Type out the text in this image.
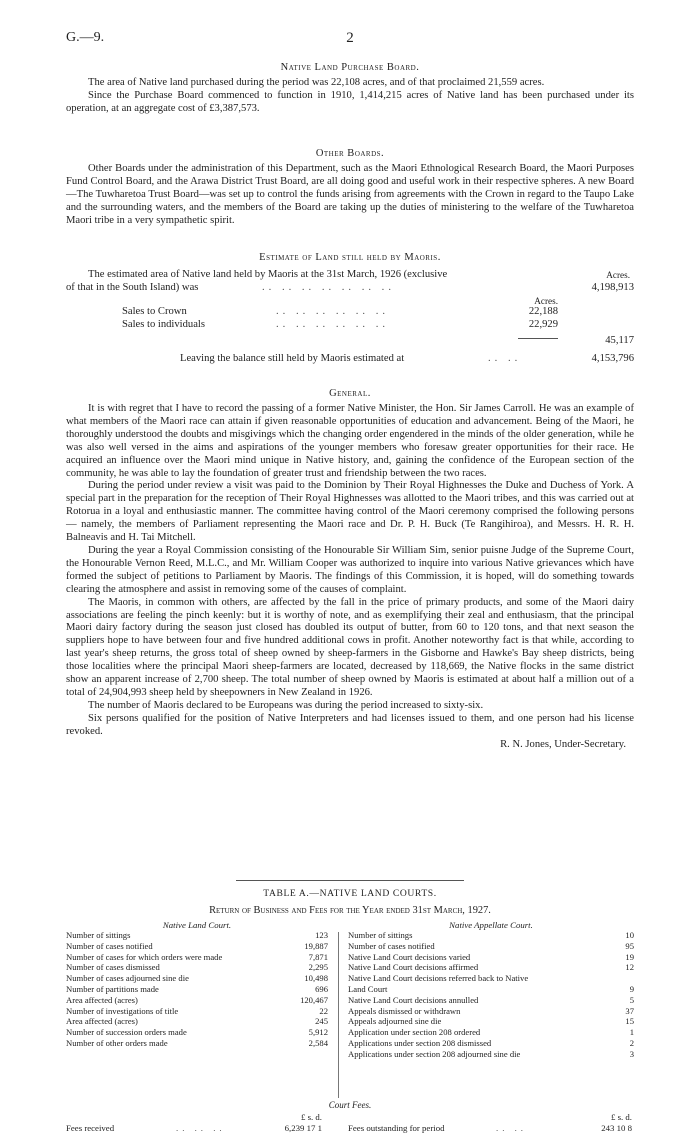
G.—9.	2

Native Land Purchase Board.

The area of Native land purchased during the period was 22,108 acres, and of that proclaimed 21,559 acres.

Since the Purchase Board commenced to function in 1910, 1,414,215 acres of Native land has been purchased under its operation, at an aggregate cost of £3,387,573.

Other Boards.

Other Boards under the administration of this Department, such as the Maori Ethnological Research Board, the Maori Purposes Fund Control Board, and the Arawa District Trust Board, are all doing good and useful work in their respective spheres. A new Board—The Tuwharetoa Trust Board—was set up to control the funds arising from agreements with the Crown in regard to the Taupo Lake and the surrounding waters, and the members of the Board are taking up the duties of ministering to the welfare of the Tuwharetoa Maori tribe in a very sympathetic spirit.

Estimate of Land still held by Maoris.

The estimated area of Native land held by Maoris at the 31st March, 1926 (exclusive	Acres.
of that in the South Island) was	.. .. .. .. .. .. ..	4,198,913
Acres.
Sales to Crown	.. .. .. .. .. ..	22,188
Sales to individuals	.. .. .. .. .. ..	22,929
45,117
Leaving the balance still held by Maoris estimated at	.. ..	4,153,796

General.

It is with regret that I have to record the passing of a former Native Minister, the Hon. Sir James Carroll. He was an example of what members of the Maori race can attain if given reasonable opportunities of education and advancement. Being of the Maori, he thoroughly understood the doubts and misgivings which the changing order engendered in the minds of the older generation, while he was also well versed in the aims and aspirations of the younger members who foresaw greater opportunities for their race. He acquired an influence over the Maori mind unique in Native history, and, gaining the confidence of the European section of the community, he was able to lay the foundation of greater trust and friendship between the two races.

During the period under review a visit was paid to the Dominion by Their Royal Highnesses the Duke and Duchess of York. A special part in the preparation for the reception of Their Royal Highnesses was allotted to the Maori tribes, and this was carried out at Rotorua in a loyal and enthusiastic manner. The committee having control of the Maori ceremony comprised the following persons — namely, the members of Parliament representing the Maori race and Dr. P. H. Buck (Te Rangihiroa), and Messrs. H. R. H. Balneavis and H. Tai Mitchell.

During the year a Royal Commission consisting of the Honourable Sir William Sim, senior puisne Judge of the Supreme Court, the Honourable Vernon Reed, M.L.C., and Mr. William Cooper was authorized to inquire into various Native grievances which have formed the subject of petitions to Parliament by Maoris. The findings of this Commission, it is hoped, will do something towards clearing the atmosphere and assist in removing some of the causes of complaint.

The Maoris, in common with others, are affected by the fall in the price of primary products, and some of the Maori dairy associations are feeling the pinch keenly: but it is worthy of note, and as exemplifying their zeal and enthusiasm, that the principal Maori dairy factory during the season just closed has doubled its output of butter, from 60 to 120 tons, and that next season the suppliers hope to have between four and five hundred additional cows in profit. Another noteworthy fact is that while, according to last year's sheep returns, the gross total of sheep owned by sheep-farmers in the Gisborne and Hawke's Bay sheep districts, being those localities where the principal Maori sheep-farmers are located, decreased by 118,669, the Native flocks in the same district show an apparent increase of 2,700 sheep. The total number of sheep owned by Maoris is estimated at about half a million out of a total of 24,904,993 sheep held by sheepowners in New Zealand in 1926.

The number of Maoris declared to be Europeans was during the period increased to sixty-six.

Six persons qualified for the position of Native Interpreters and had licenses issued to them, and one person had his license revoked.

R. N. Jones, Under-Secretary.
TABLE A.—NATIVE LAND COURTS.
Return of Business and Fees for the Year ended 31st March, 1927.
Native Land Court.
Number of sittings	123
Number of cases notified	19,887
Number of cases for which orders were made	7,871
Number of cases dismissed	2,295
Number of cases adjourned sine die	10,498
Number of partitions made	696
Area affected (acres)	120,467
Number of investigations of title	22
Area affected (acres)	245
Number of succession orders made	5,912
Number of other orders made	2,584
Native Appellate Court.
Number of sittings	10
Number of cases notified	95
Native Land Court decisions varied	19
Native Land Court decisions affirmed	12
Native Land Court decisions referred back to Native	
Land Court	9
Native Land Court decisions annulled	5
Appeals dismissed or withdrawn	37
Appeals adjourned sine die	15
Application under section 208 ordered	1
Applications under section 208 dismissed	2
Applications under section 208 adjourned sine die	3
Court Fees.
£ s. d.	£ s. d.
Fees received	.. .. ..	6,239 17 1	Fees outstanding for period	.. ..	243 10 8
